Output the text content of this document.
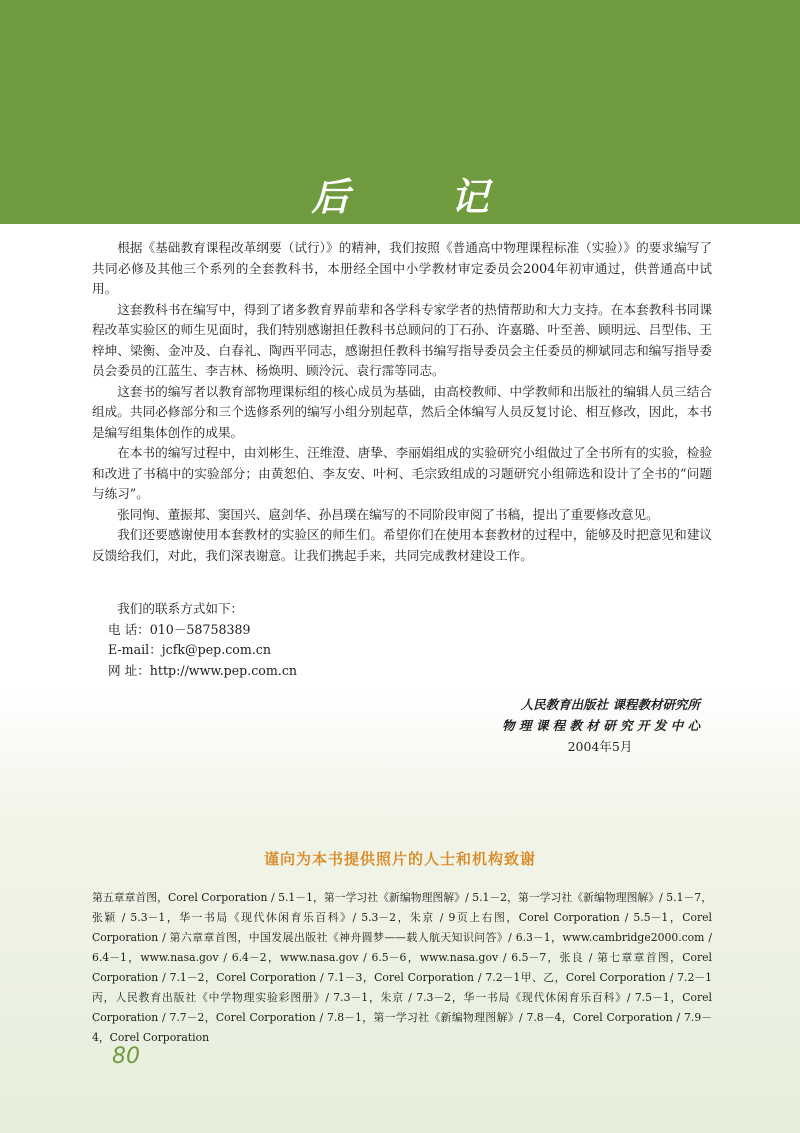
后 记

根据《基础教育课程改革纲要（试行）》的精神，我们按照《普通高中物理课程标准（实验）》的要求编写了共同必修及其他三个系列的全套教科书，本册经全国中小学教材审定委员会2004年初审通过，供普通高中试用。

这套教科书在编写中，得到了诸多教育界前辈和各学科专家学者的热情帮助和大力支持。在本套教科书同课程改革实验区的师生见面时，我们特别感谢担任教科书总顾问的丁石孙、许嘉璐、叶至善、顾明远、吕型伟、王梓坤、梁衡、金冲及、白春礼、陶西平同志，感谢担任教科书编写指导委员会主任委员的柳斌同志和编写指导委员会委员的江蓝生、李吉林、杨焕明、顾泠沅、袁行霈等同志。

这套书的编写者以教育部物理课标组的核心成员为基础，由高校教师、中学教师和出版社的编辑人员三结合组成。共同必修部分和三个选修系列的编写小组分别起草，然后全体编写人员反复讨论、相互修改，因此，本书是编写组集体创作的成果。

在本书的编写过程中，由刘彬生、汪维澄、唐挚、李丽娟组成的实验研究小组做过了全书所有的实验，检验和改进了书稿中的实验部分；由黄恕伯、李友安、叶柯、毛宗致组成的习题研究小组筛选和设计了全书的“问题与练习”。

张同恂、董振邦、窦国兴、扈剑华、孙昌璞在编写的不同阶段审阅了书稿，提出了重要修改意见。

我们还要感谢使用本套教材的实验区的师生们。希望你们在使用本套教材的过程中，能够及时把意见和建议反馈给我们，对此，我们深表谢意。让我们携起手来，共同完成教材建设工作。

我们的联系方式如下：
电 话：010－58758389
E-mail：jcfk@pep.com.cn
网 址：http://www.pep.com.cn
人民教育出版社 课程教材研究所
物 理 课 程 教 材 研 究 开 发 中 心
2004年5月
谨向为本书提供照片的人士和机构致谢
第五章章首图，Corel Corporation / 5.1－1，第一学习社《新编物理图解》/ 5.1－2，第一学习社《新编物理图解》/ 5.1－7，张颖 / 5.3－1，华一书局《现代休闲育乐百科》/ 5.3－2，朱京 / 9页上右图，Corel Corporation / 5.5－1，Corel Corporation / 第六章章首图，中国发展出版社《神舟圆梦——载人航天知识问答》/ 6.3－1，www.cambridge2000.com / 6.4－1，www.nasa.gov / 6.4－2，www.nasa.gov / 6.5－6，www.nasa.gov / 6.5－7，张良 / 第七章章首图，Corel Corporation / 7.1－2，Corel Corporation / 7.1－3，Corel Corporation / 7.2－1甲、乙，Corel Corporation / 7.2－1丙，人民教育出版社《中学物理实验彩图册》/ 7.3－1，朱京 / 7.3－2，华一书局《现代休闲育乐百科》/ 7.5－1，Corel Corporation / 7.7－2，Corel Corporation / 7.8－1，第一学习社《新编物理图解》/ 7.8－4，Corel Corporation / 7.9－4，Corel Corporation
80
